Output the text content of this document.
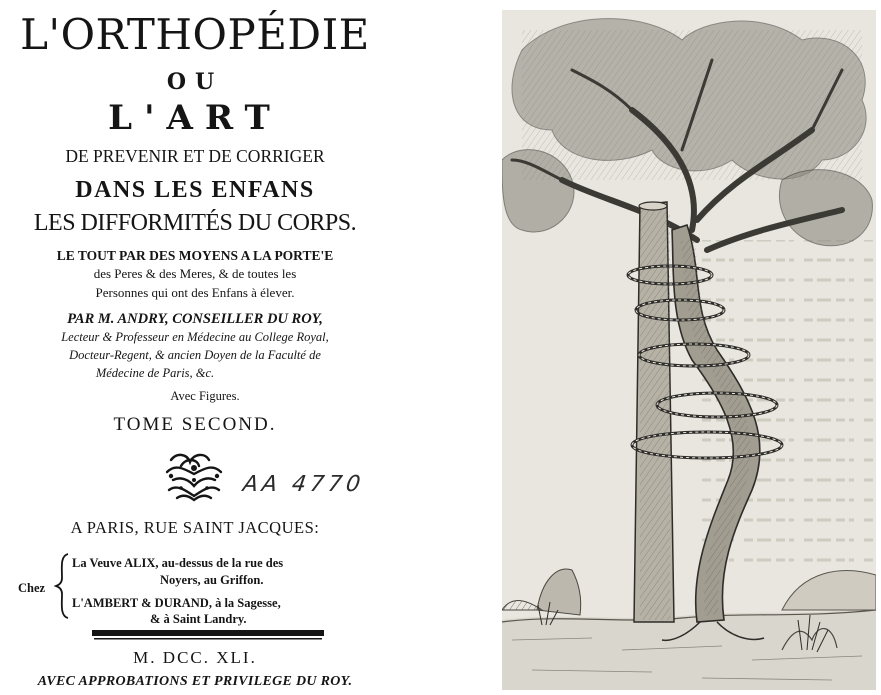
L'ORTHOPÉDIE
OU
L'ART
DE PREVENIR ET DE CORRIGER
DANS LES ENFANS
LES DIFFORMITÉS DU CORPS.
LE TOUT PAR DES MOYENS A LA PORTE'E
des Peres & des Meres, & de toutes les
Personnes qui ont des Enfans à élever.
PAR M. ANDRY, CONSEILLER DU ROY,
Lecteur & Professeur en Médecine au College Royal,
Docteur-Regent, & ancien Doyen de la Faculté de
Médecine de Paris, &c.
Avec Figures.
TOME SECOND.
AA 4770
A PARIS, RUE SAINT JACQUES:
Chez
La Veuve ALIX, au-dessus de la rue des
Noyers, au Griffon.
L'AMBERT & DURAND, à la Sagesse,
& à Saint Landry.
M. DCC. XLI.
AVEC APPROBATIONS ET PRIVILEGE DU ROY.
